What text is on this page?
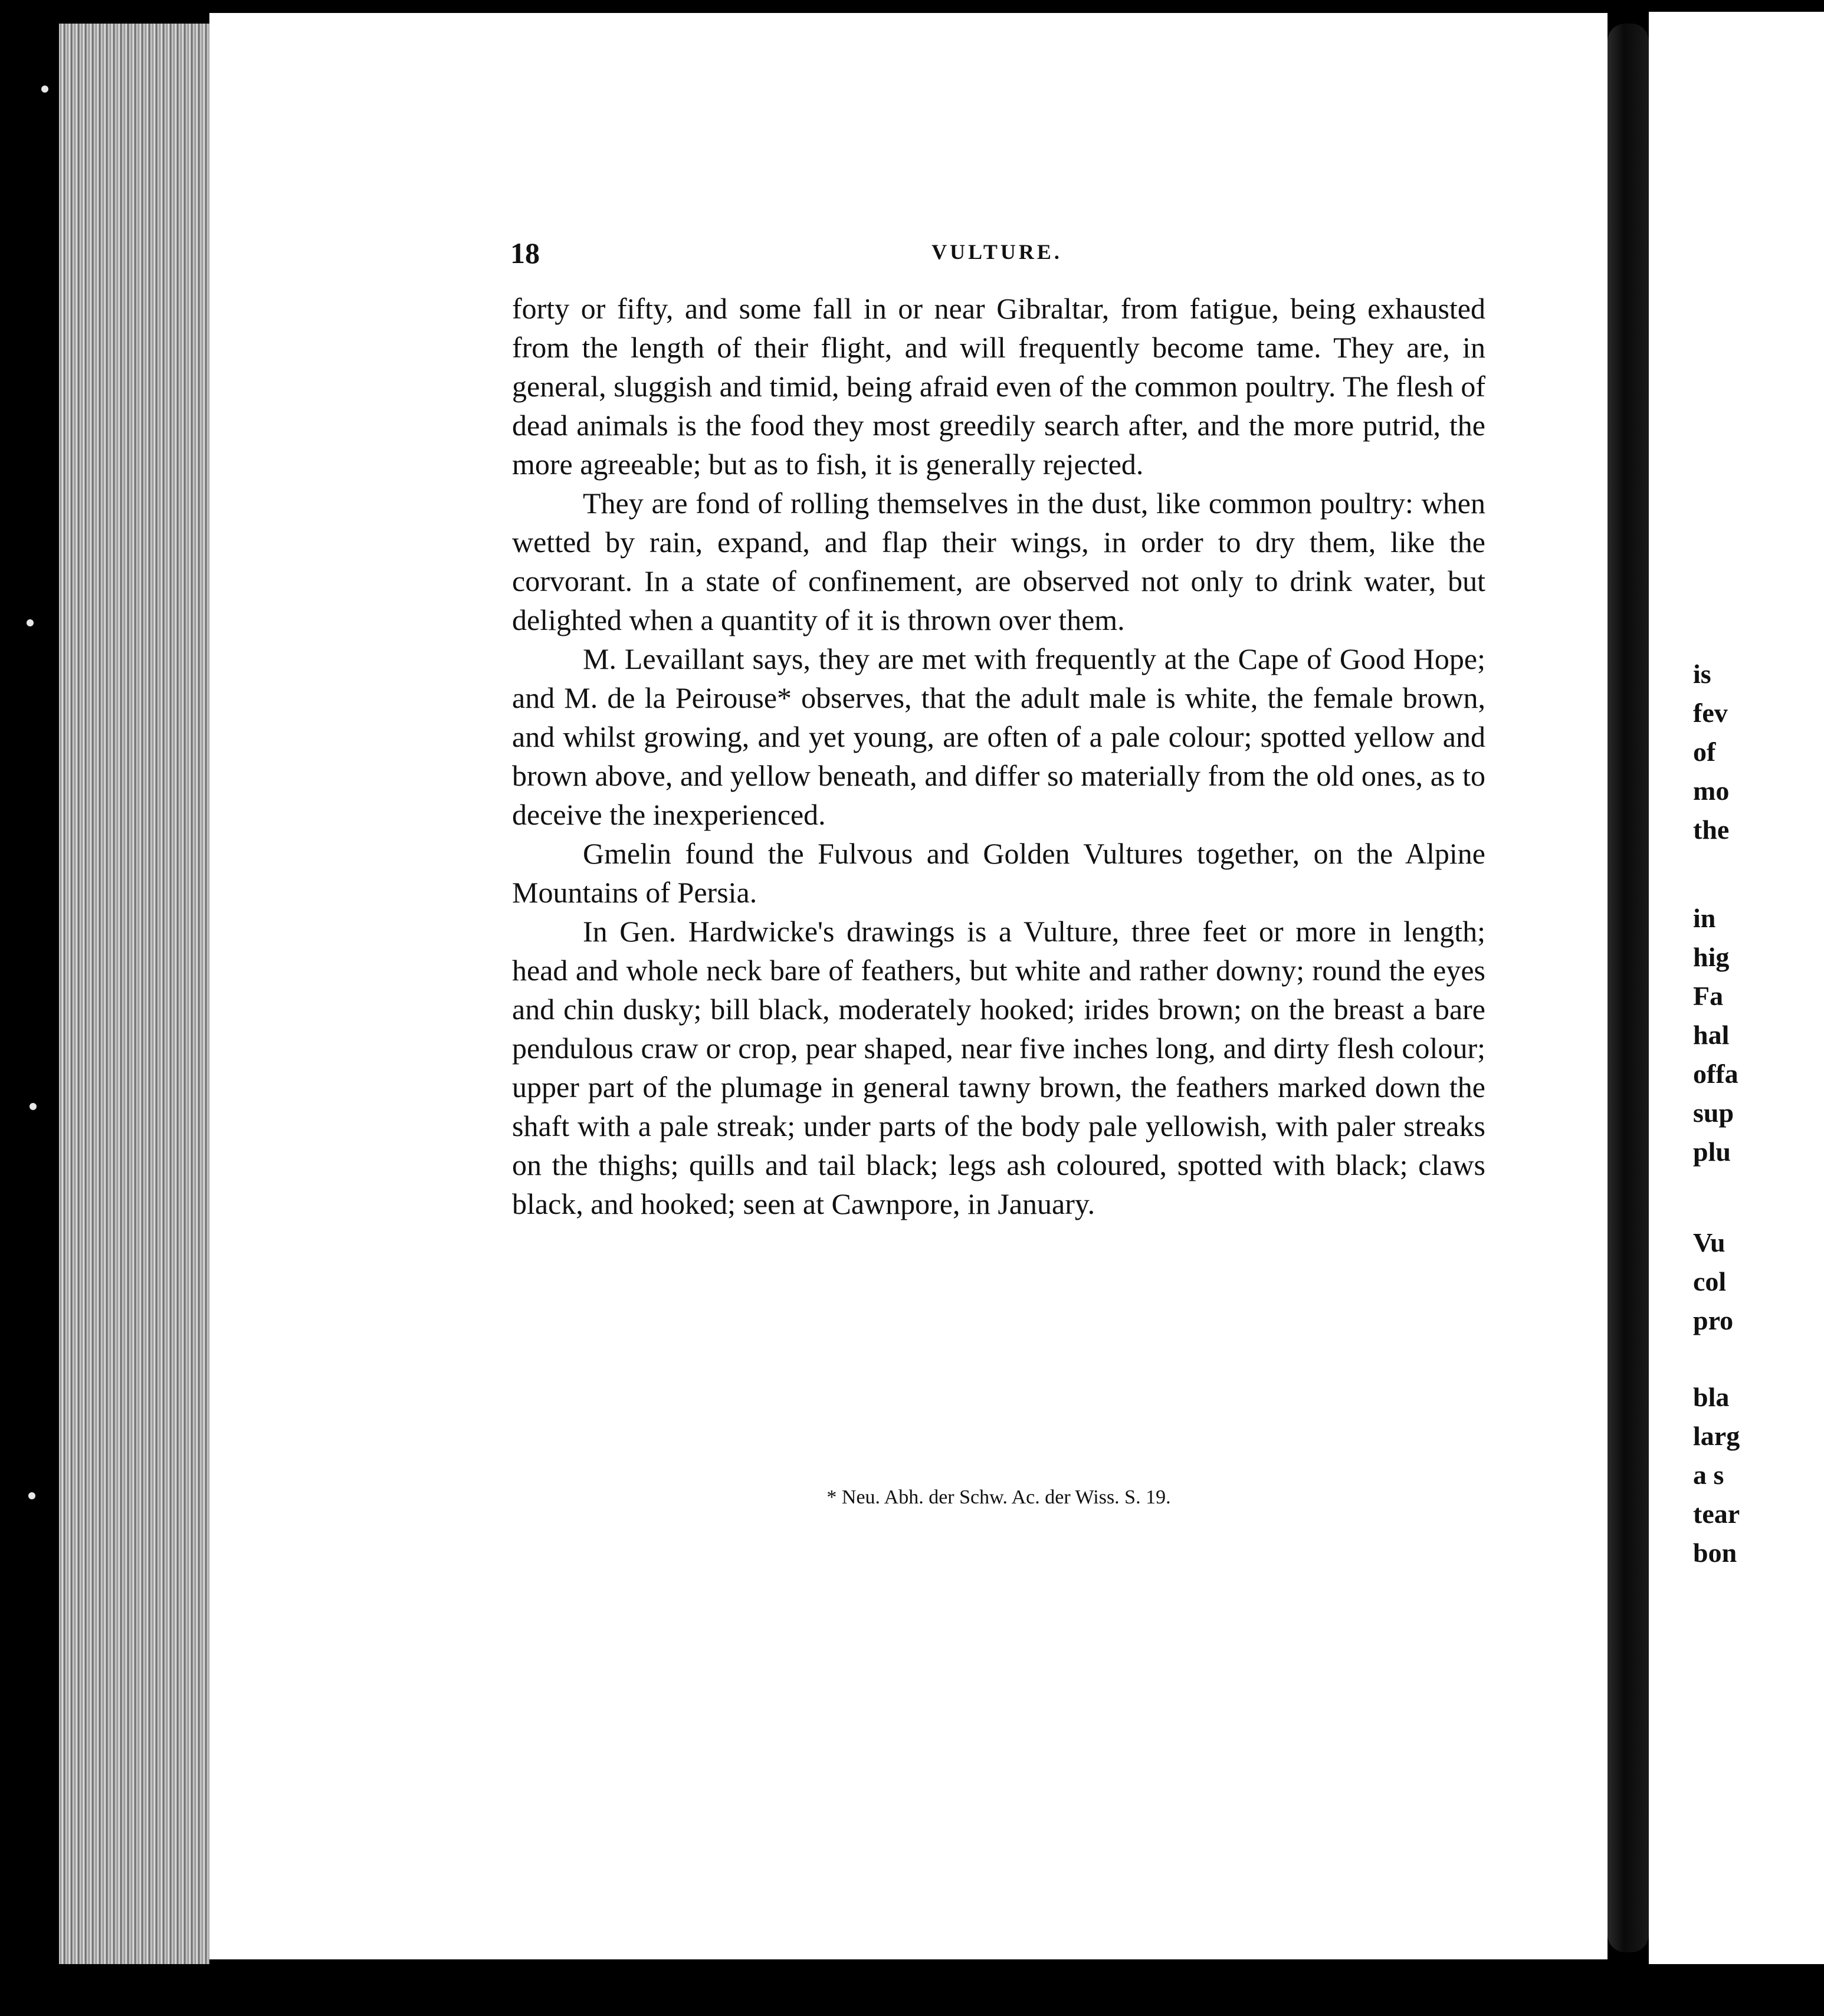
18	VULTURE.

forty or fifty, and some fall in or near Gibraltar, from fatigue, being exhausted from the length of their flight, and will frequently become tame. They are, in general, sluggish and timid, being afraid even of the common poultry. The flesh of dead animals is the food they most greedily search after, and the more putrid, the more agreeable; but as to fish, it is generally rejected.

They are fond of rolling themselves in the dust, like common poultry: when wetted by rain, expand, and flap their wings, in order to dry them, like the corvorant. In a state of confinement, are observed not only to drink water, but delighted when a quantity of it is thrown over them.

M. Levaillant says, they are met with frequently at the Cape of Good Hope; and M. de la Peirouse* observes, that the adult male is white, the female brown, and whilst growing, and yet young, are often of a pale colour; spotted yellow and brown above, and yellow beneath, and differ so materially from the old ones, as to deceive the inexperienced.

Gmelin found the Fulvous and Golden Vultures together, on the Alpine Mountains of Persia.

In Gen. Hardwicke's drawings is a Vulture, three feet or more in length; head and whole neck bare of feathers, but white and rather downy; round the eyes and chin dusky; bill black, moderately hooked; irides brown; on the breast a bare pendulous craw or crop, pear shaped, near five inches long, and dirty flesh colour; upper part of the plumage in general tawny brown, the feathers marked down the shaft with a pale streak; under parts of the body pale yellowish, with paler streaks on the thighs; quills and tail black; legs ash coloured, spotted with black; claws black, and hooked; seen at Cawnpore, in January.

* Neu. Abh. der Schw. Ac. der Wiss. S. 19.
is
fev
of
mo
the
in
hig
Fa
hal
offa
sup
plu
Vu
col
pro
bla
larg
a s
tear
bon
